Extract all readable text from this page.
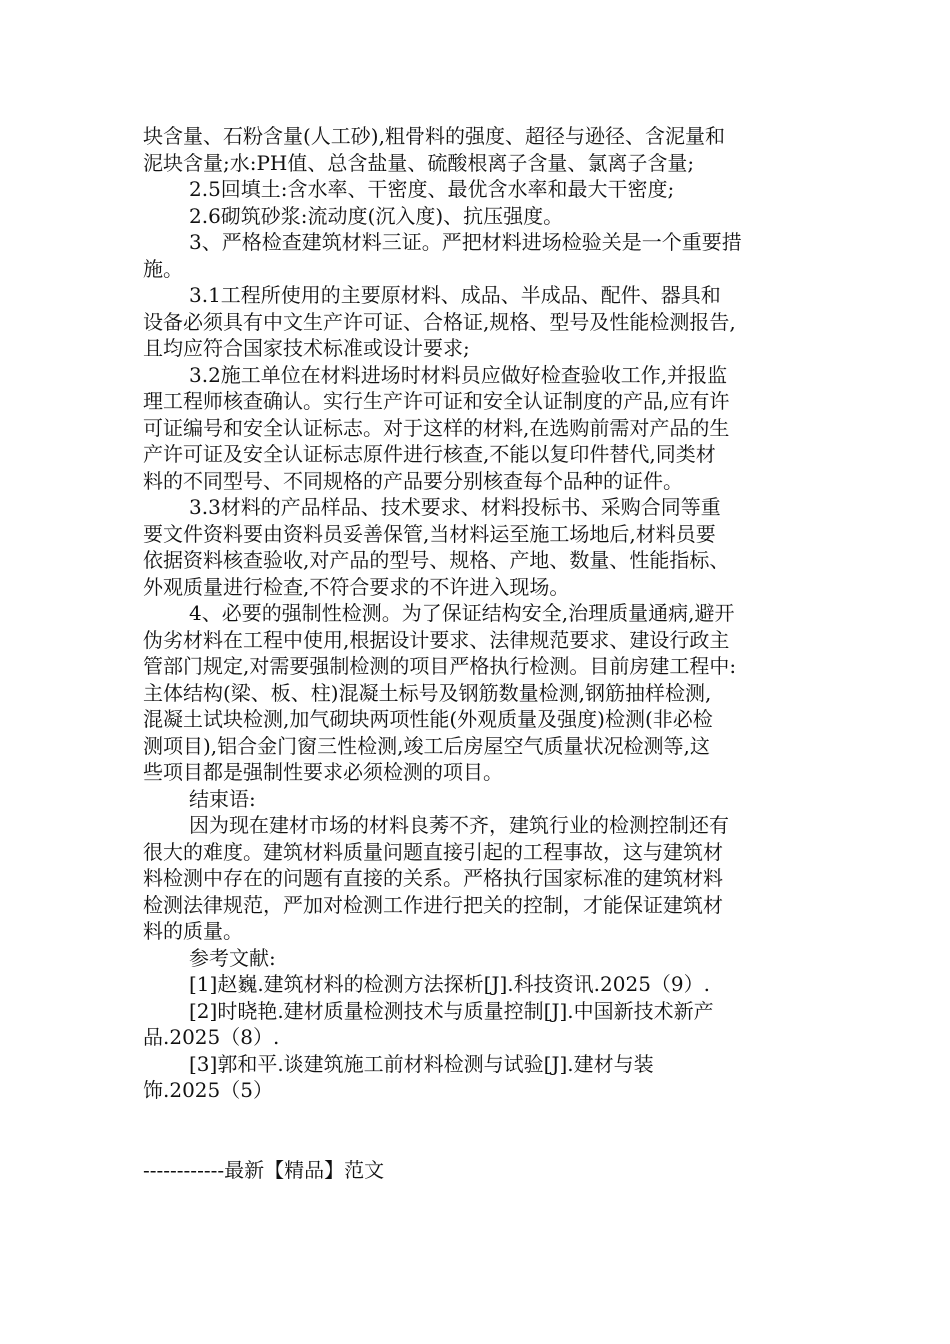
块含量、石粉含量(人工砂),粗骨料的强度、超径与逊径、含泥量和
泥块含量;水:PH值、总含盐量、硫酸根离子含量、氯离子含量;
2.5回填土:含水率、干密度、最优含水率和最大干密度;
2.6砌筑砂浆:流动度(沉入度)、抗压强度。
3、严格检查建筑材料三证。严把材料进场检验关是一个重要措
施。
3.1工程所使用的主要原材料、成品、半成品、配件、器具和
设备必须具有中文生产许可证、合格证,规格、型号及性能检测报告,
且均应符合国家技术标准或设计要求;
3.2施工单位在材料进场时材料员应做好检查验收工作,并报监
理工程师核查确认。实行生产许可证和安全认证制度的产品,应有许
可证编号和安全认证标志。对于这样的材料,在选购前需对产品的生
产许可证及安全认证标志原件进行核查,不能以复印件替代,同类材
料的不同型号、不同规格的产品要分别核查每个品种的证件。
3.3材料的产品样品、技术要求、材料投标书、采购合同等重
要文件资料要由资料员妥善保管,当材料运至施工场地后,材料员要
依据资料核查验收,对产品的型号、规格、产地、数量、性能指标、
外观质量进行检查,不符合要求的不许进入现场。
4、必要的强制性检测。为了保证结构安全,治理质量通病,避开
伪劣材料在工程中使用,根据设计要求、法律规范要求、建设行政主
管部门规定,对需要强制检测的项目严格执行检测。目前房建工程中:
主体结构(梁、板、柱)混凝土标号及钢筋数量检测,钢筋抽样检测,
混凝土试块检测,加气砌块两项性能(外观质量及强度)检测(非必检
测项目),铝合金门窗三性检测,竣工后房屋空气质量状况检测等,这
些项目都是强制性要求必须检测的项目。
结束语:
因为现在建材市场的材料良莠不齐，建筑行业的检测控制还有
很大的难度。建筑材料质量问题直接引起的工程事故，这与建筑材
料检测中存在的问题有直接的关系。严格执行国家标准的建筑材料
检测法律规范，严加对检测工作进行把关的控制，才能保证建筑材
料的质量。
参考文献:
[1]赵巍.建筑材料的检测方法探析[J].科技资讯.2025（9）.
[2]时晓艳.建材质量检测技术与质量控制[J].中国新技术新产
品.2025（8）.
[3]郭和平.谈建筑施工前材料检测与试验[J].建材与装
饰.2025（5）
------------最新【精品】范文
